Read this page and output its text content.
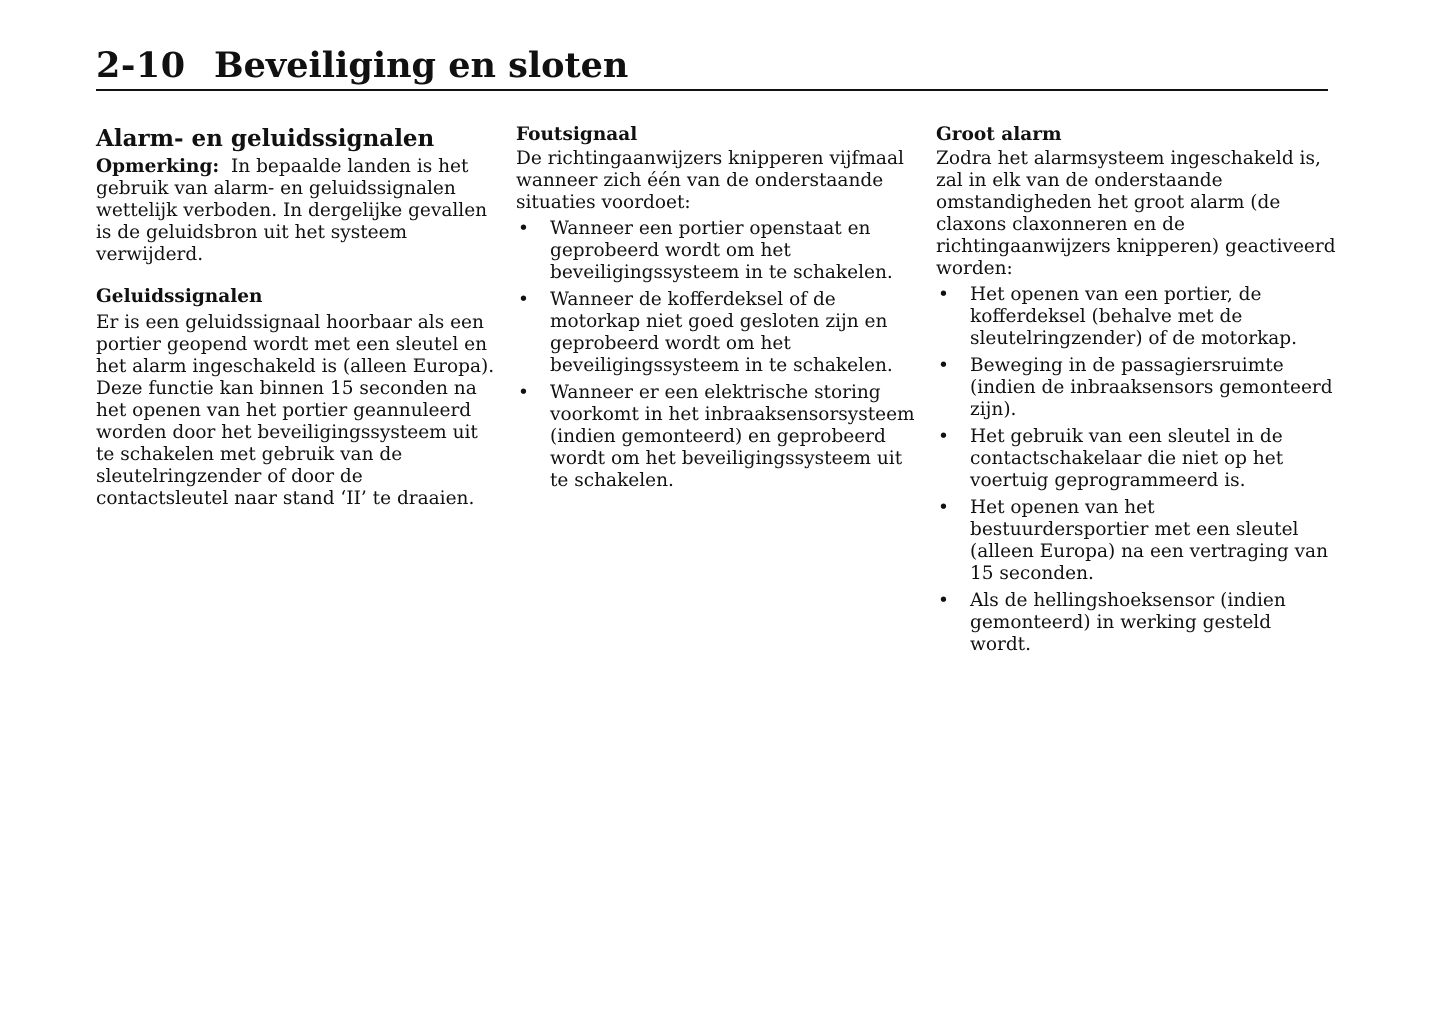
2-10 Beveiliging en sloten
Alarm- en geluidssignalen

Opmerking: In bepaalde landen is het gebruik van alarm- en geluidssignalen wettelijk verboden. In dergelijke gevallen is de geluidsbron uit het systeem verwijderd.

Geluidssignalen

Er is een geluidssignaal hoorbaar als een portier geopend wordt met een sleutel en het alarm ingeschakeld is (alleen Europa). Deze functie kan binnen 15 seconden na het openen van het portier geannuleerd worden door het beveiligingssysteem uit te schakelen met gebruik van de sleutelringzender of door de contactsleutel naar stand ‘II’ te draaien.

Foutsignaal

De richtingaanwijzers knipperen vijfmaal wanneer zich één van de onderstaande situaties voordoet:

• Wanneer een portier openstaat en geprobeerd wordt om het beveiligingssysteem in te schakelen.
• Wanneer de kofferdeksel of de motorkap niet goed gesloten zijn en geprobeerd wordt om het beveiligingssysteem in te schakelen.
• Wanneer er een elektrische storing voorkomt in het inbraaksensorsysteem (indien gemonteerd) en geprobeerd wordt om het beveiligingssysteem uit te schakelen.
Groot alarm

Zodra het alarmsysteem ingeschakeld is, zal in elk van de onderstaande omstandigheden het groot alarm (de claxons claxonneren en de richtingaanwijzers knipperen) geactiveerd worden:

• Het openen van een portier, de kofferdeksel (behalve met de sleutelringzender) of de motorkap.
• Beweging in de passagiersruimte (indien de inbraaksensors gemonteerd zijn).
• Het gebruik van een sleutel in de contactschakelaar die niet op het voertuig geprogrammeerd is.
• Het openen van het bestuurdersportier met een sleutel (alleen Europa) na een vertraging van 15 seconden.
• Als de hellingshoeksensor (indien gemonteerd) in werking gesteld wordt.
